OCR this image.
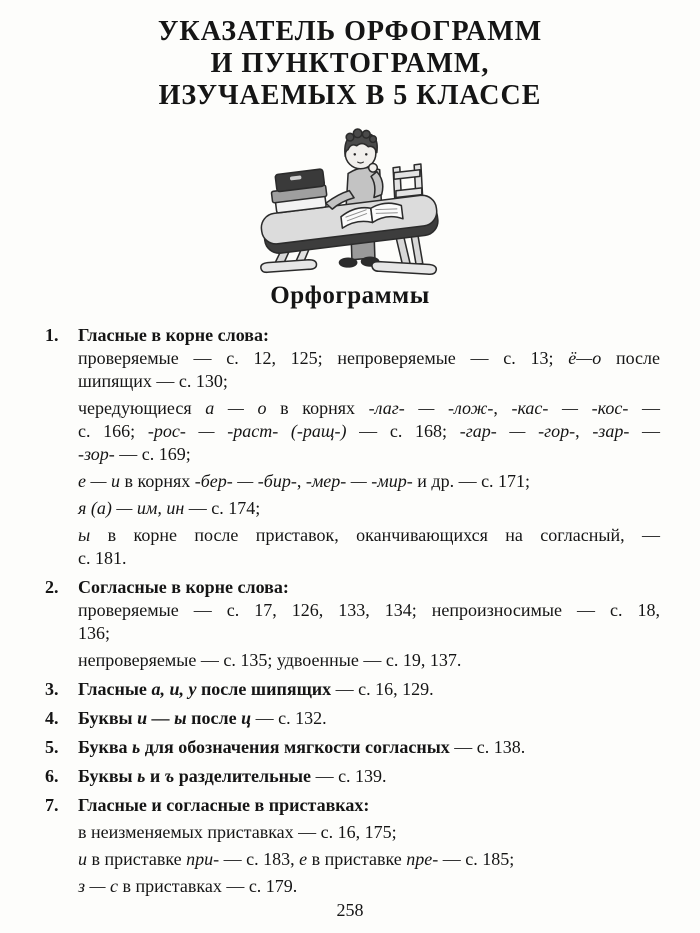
УКАЗАТЕЛЬ ОРФОГРАММ
И ПУНКТОГРАММ,
ИЗУЧАЕМЫХ В 5 КЛАССЕ
Орфограммы
1.	Гласные в корне слова:
проверяемые — с. 12, 125; непроверяемые — с. 13; ё—о после
шипящих — с. 130;
чередующиеся а — о в корнях -лаг- — -лож-, -кас- — -кос- —
с. 166; -рос- — -раст- (-ращ-) — с. 168; -гар- — -гор-, -зар- —
-зор- — с. 169;
е — и в корнях -бер- — -бир-, -мер- — -мир- и др. — с. 171;
я (а) — им, ин — с. 174;
ы в корне после приставок, оканчивающихся на согласный, —
с. 181.
2.	Согласные в корне слова:
проверяемые — с. 17, 126, 133, 134; непроизносимые — с. 18,
136;
непроверяемые — с. 135; удвоенные — с. 19, 137.
3.	Гласные а, и, у после шипящих — с. 16, 129.
4.	Буквы и — ы после ц — с. 132.
5.	Буква ь для обозначения мягкости согласных — с. 138.
6.	Буквы ь и ъ разделительные — с. 139.
7.	Гласные и согласные в приставках:
в неизменяемых приставках — с. 16, 175;
и в приставке при- — с. 183, е в приставке пре- — с. 185;
з — с в приставках — с. 179.
258
